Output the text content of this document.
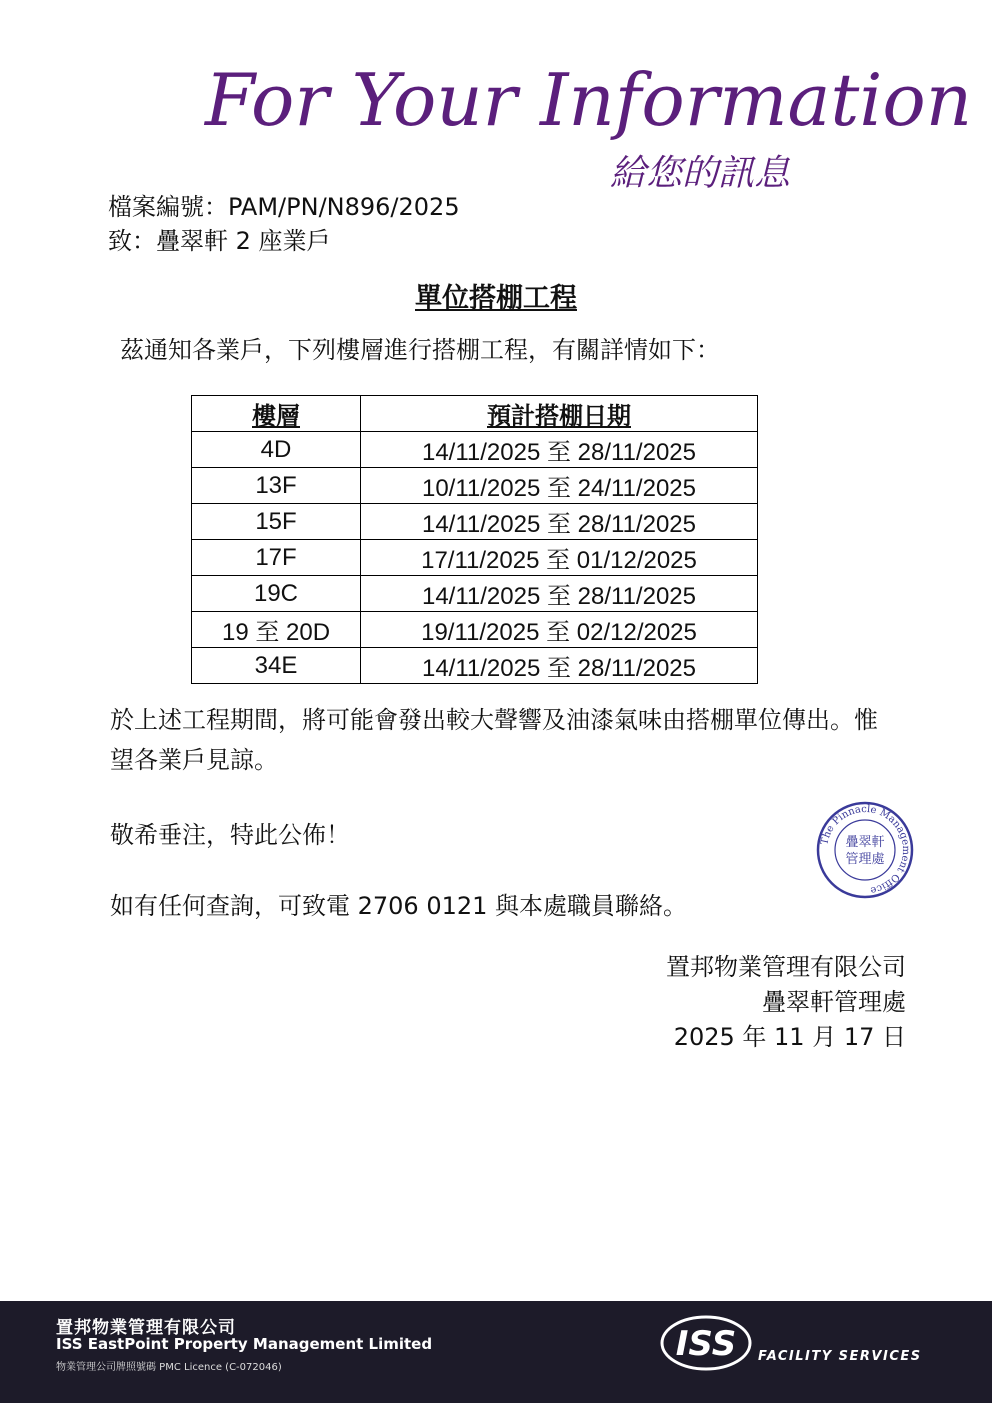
For Your Information
給您的訊息
檔案編號：PAM/PN/N896/2025
致：疊翠軒 2 座業戶
單位搭棚工程
茲通知各業戶，下列樓層進行搭棚工程，有關詳情如下：
樓層	預計搭棚日期
4D	14/11/2025 至 28/11/2025
13F	10/11/2025 至 24/11/2025
15F	14/11/2025 至 28/11/2025
17F	17/11/2025 至 01/12/2025
19C	14/11/2025 至 28/11/2025
19 至 20D	19/11/2025 至 02/12/2025
34E	14/11/2025 至 28/11/2025
於上述工程期間，將可能會發出較大聲響及油漆氣味由搭棚單位傳出。惟望各業戶見諒。
敬希垂注，特此公佈！
如有任何查詢，可致電 2706 0121 與本處職員聯絡。
The Pinnacle Management Office
疊翠軒
管理處
置邦物業管理有限公司
疊翠軒管理處
2025 年 11 月 17 日
置邦物業管理有限公司
ISS EastPoint Property Management Limited
物業管理公司牌照號碼 PMC Licence (C-072046)
ISS FACILITY SERVICES
